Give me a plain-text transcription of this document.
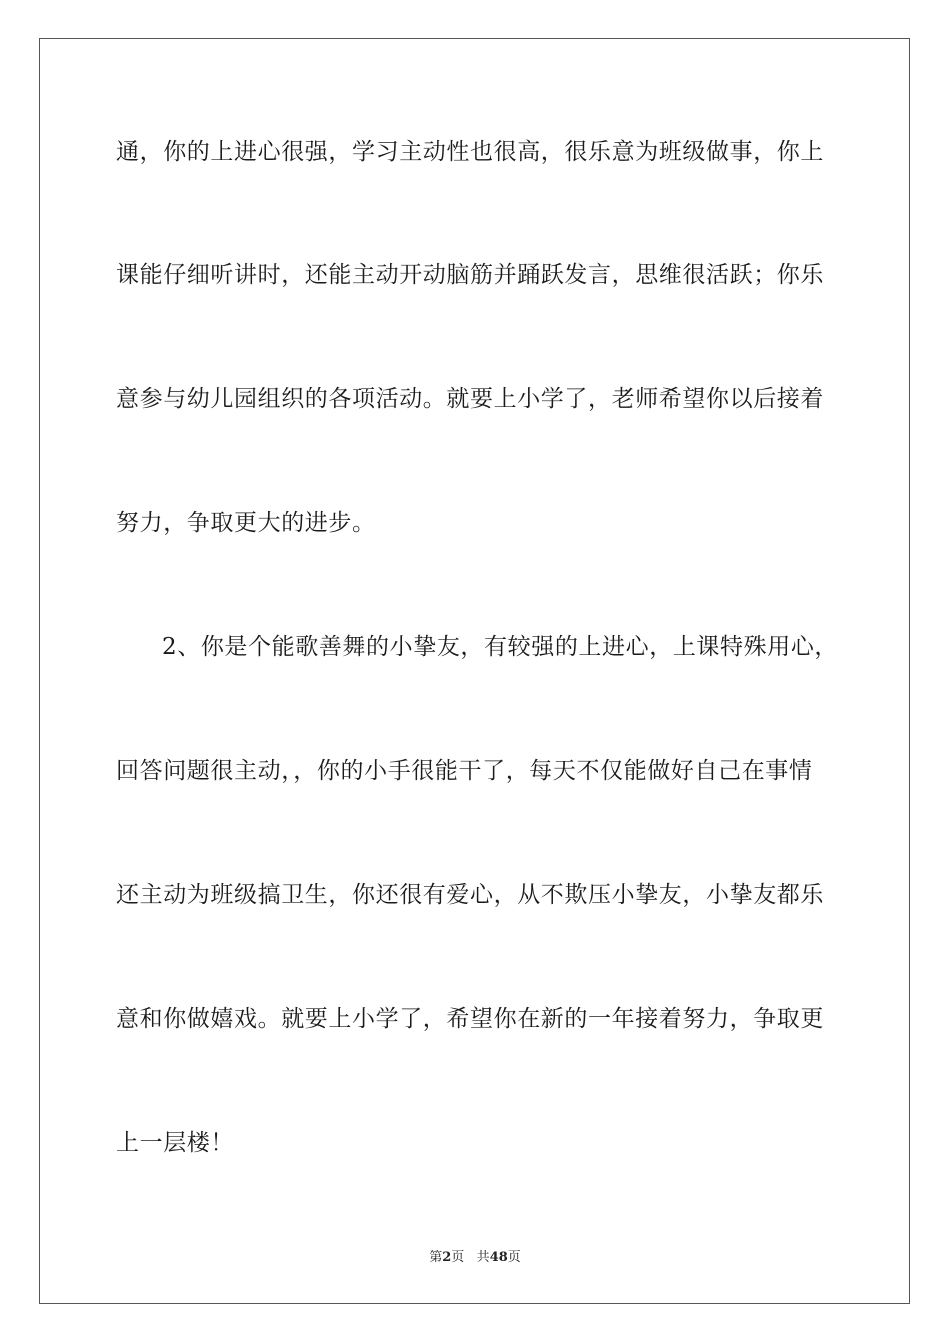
通，你的上进心很强，学习主动性也很高，很乐意为班级做事，你上
课能仔细听讲时，还能主动开动脑筋并踊跃发言，思维很活跃；你乐
意参与幼儿园组织的各项活动。就要上小学了，老师希望你以后接着
努力，争取更大的进步。
2、你是个能歌善舞的小挚友，有较强的上进心，上课特殊用心，
回答问题很主动，，你的小手很能干了，每天不仅能做好自己在事情
还主动为班级搞卫生，你还很有爱心，从不欺压小挚友，小挚友都乐
意和你做嬉戏。就要上小学了，希望你在新的一年接着努力，争取更
上一层楼！
第2页 共48页
